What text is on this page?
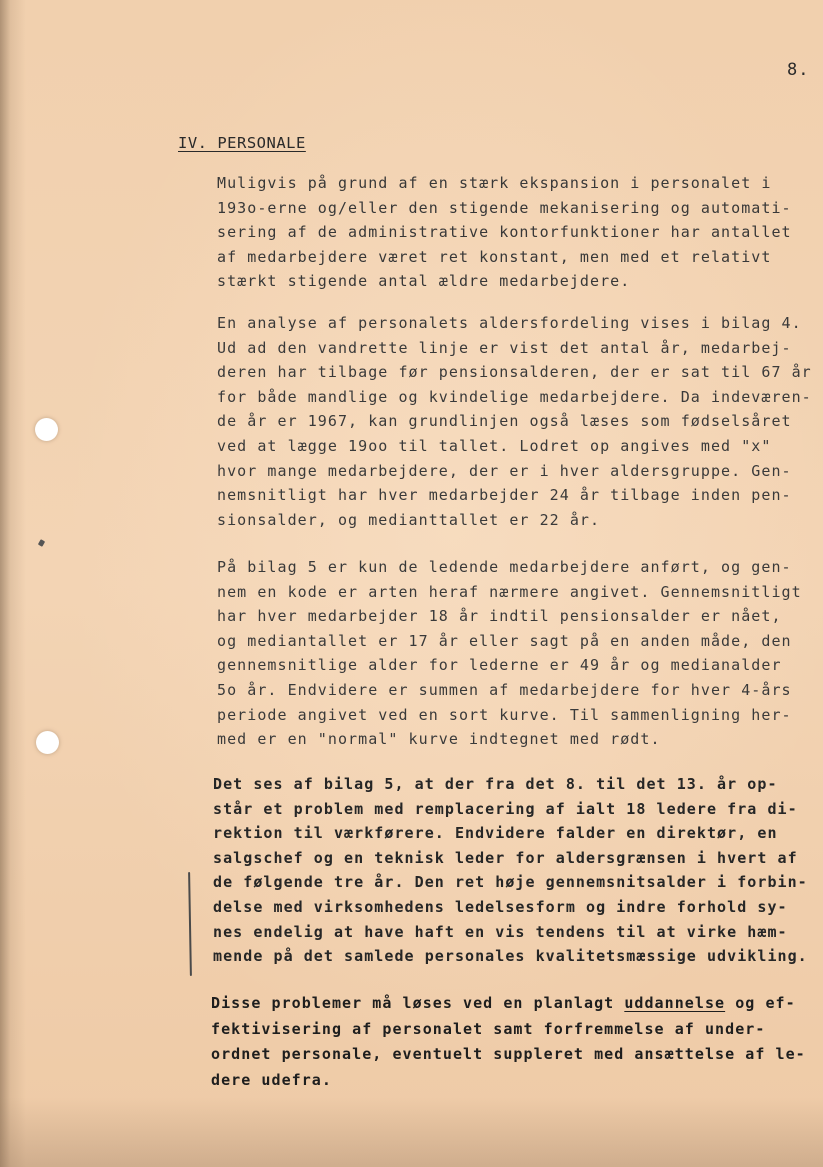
8.
IV. PERSONALE
Muligvis på grund af en stærk ekspansion i personalet i
193o-erne og/eller den stigende mekanisering og automati-
sering af de administrative kontorfunktioner har antallet
af medarbejdere været ret konstant, men med et relativt
stærkt stigende antal ældre medarbejdere.
En analyse af personalets aldersfordeling vises i bilag 4.
Ud ad den vandrette linje er vist det antal år, medarbej-
deren har tilbage før pensionsalderen, der er sat til 67 år
for både mandlige og kvindelige medarbejdere. Da indeværen-
de år er 1967, kan grundlinjen også læses som fødselsåret
ved at lægge 19oo til tallet. Lodret op angives med "x"
hvor mange medarbejdere, der er i hver aldersgruppe. Gen-
nemsnitligt har hver medarbejder 24 år tilbage inden pen-
sionsalder, og medianttallet er 22 år.
På bilag 5 er kun de ledende medarbejdere anført, og gen-
nem en kode er arten heraf nærmere angivet. Gennemsnitligt
har hver medarbejder 18 år indtil pensionsalder er nået,
og mediantallet er 17 år eller sagt på en anden måde, den
gennemsnitlige alder for lederne er 49 år og medianalder
5o år. Endvidere er summen af medarbejdere for hver 4-års
periode angivet ved en sort kurve. Til sammenligning her-
med er en "normal" kurve indtegnet med rødt.
Det ses af bilag 5, at der fra det 8. til det 13. år op-
står et problem med remplacering af ialt 18 ledere fra di-
rektion til værkførere. Endvidere falder en direktør, en
salgschef og en teknisk leder for aldersgrænsen i hvert af
de følgende tre år. Den ret høje gennemsnitsalder i forbin-
delse med virksomhedens ledelsesform og indre forhold sy-
nes endelig at have haft en vis tendens til at virke hæm-
mende på det samlede personales kvalitetsmæssige udvikling.
Disse problemer må løses ved en planlagt uddannelse og ef-
fektivisering af personalet samt forfremmelse af under-
ordnet personale, eventuelt suppleret med ansættelse af le-
dere udefra.
